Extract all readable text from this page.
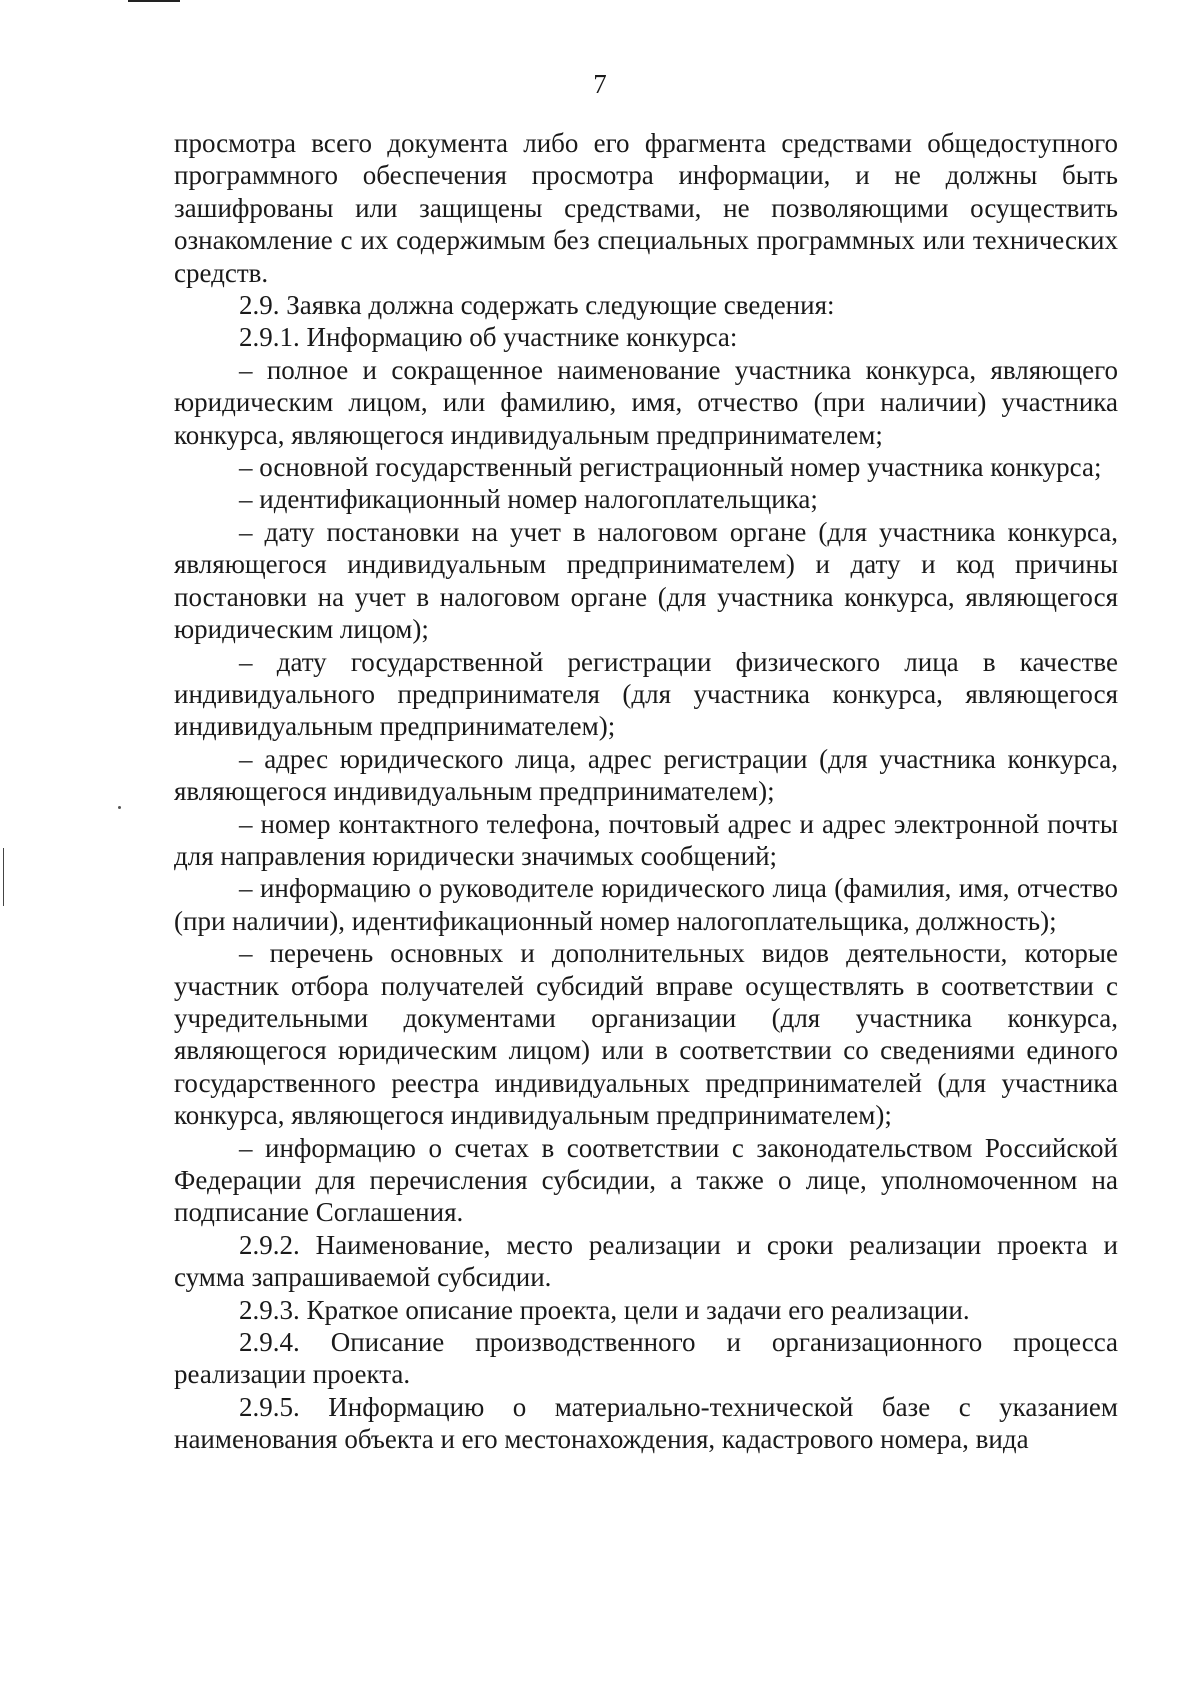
7

просмотра всего документа либо его фрагмента средствами общедоступного программного обеспечения просмотра информации, и не должны быть зашифрованы или защищены средствами, не позволяющими осуществить ознакомление с их содержимым без специальных программных или технических средств.

2.9. Заявка должна содержать следующие сведения:

2.9.1. Информацию об участнике конкурса:

– полное и сокращенное наименование участника конкурса, являющего юридическим лицом, или фамилию, имя, отчество (при наличии) участника конкурса, являющегося индивидуальным предпринимателем;

– основной государственный регистрационный номер участника конкурса;

– идентификационный номер налогоплательщика;

– дату постановки на учет в налоговом органе (для участника конкурса, являющегося индивидуальным предпринимателем) и дату и код причины постановки на учет в налоговом органе (для участника конкурса, являющегося юридическим лицом);

– дату государственной регистрации физического лица в качестве индивидуального предпринимателя (для участника конкурса, являющегося индивидуальным предпринимателем);

– адрес юридического лица, адрес регистрации (для участника конкурса, являющегося индивидуальным предпринимателем);

– номер контактного телефона, почтовый адрес и адрес электронной почты для направления юридически значимых сообщений;

– информацию о руководителе юридического лица (фамилия, имя, отчество (при наличии), идентификационный номер налогоплательщика, должность);

– перечень основных и дополнительных видов деятельности, которые участник отбора получателей субсидий вправе осуществлять в соответствии с учредительными документами организации (для участника конкурса, являющегося юридическим лицом) или в соответствии со сведениями единого государственного реестра индивидуальных предпринимателей (для участника конкурса, являющегося индивидуальным предпринимателем);

– информацию о счетах в соответствии с законодательством Российской Федерации для перечисления субсидии, а также о лице, уполномоченном на подписание Соглашения.

2.9.2. Наименование, место реализации и сроки реализации проекта и сумма запрашиваемой субсидии.

2.9.3. Краткое описание проекта, цели и задачи его реализации.

2.9.4. Описание производственного и организационного процесса реализации проекта.

2.9.5. Информацию о материально-технической базе с указанием наименования объекта и его местонахождения, кадастрового номера, вида
